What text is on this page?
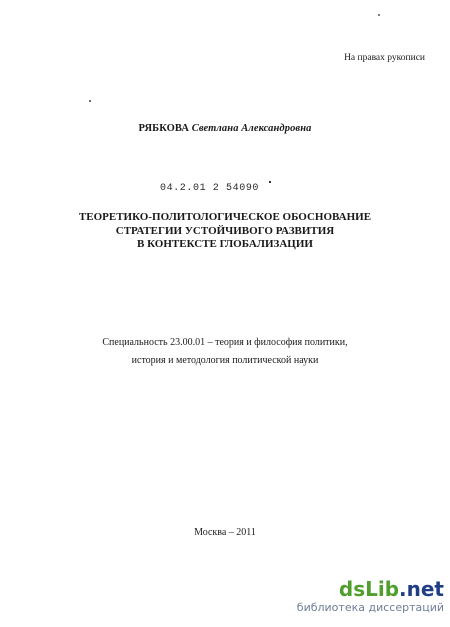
На правах рукописи
РЯБКОВА Светлана Александровна
04.2.01 2 54090
ТЕОРЕТИКО-ПОЛИТОЛОГИЧЕСКОЕ ОБОСНОВАНИЕ
СТРАТЕГИИ УСТОЙЧИВОГО РАЗВИТИЯ
В КОНТЕКСТЕ ГЛОБАЛИЗАЦИИ
Специальность 23.00.01 – теория и философия политики,
история и методология политической науки
Москва – 2011
dsLib.net
библиотека диссертаций
